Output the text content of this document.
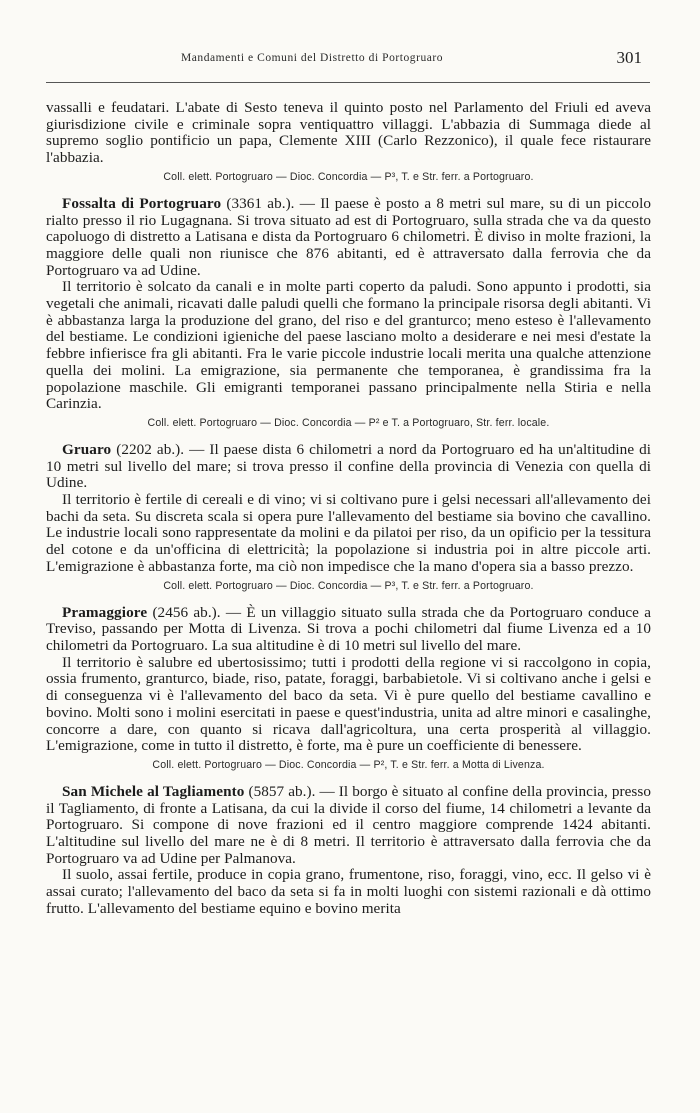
Mandamenti e Comuni del Distretto di Portogruaro	301

vassalli e feudatari. L'abate di Sesto teneva il quinto posto nel Parlamento del Friuli ed aveva giurisdizione civile e criminale sopra ventiquattro villaggi. L'abbazia di Summaga diede al supremo soglio pontificio un papa, Clemente XIII (Carlo Rezzonico), il quale fece ristaurare l'abbazia.

Coll. elett. Portogruaro — Dioc. Concordia — P³, T. e Str. ferr. a Portogruaro.

Fossalta di Portogruaro (3361 ab.). — Il paese è posto a 8 metri sul mare, su di un piccolo rialto presso il rio Lugagnana. Si trova situato ad est di Portogruaro, sulla strada che va da questo capoluogo di distretto a Latisana e dista da Portogruaro 6 chilometri. È diviso in molte frazioni, la maggiore delle quali non riunisce che 876 abitanti, ed è attraversato dalla ferrovia che da Portogruaro va ad Udine.

Il territorio è solcato da canali e in molte parti coperto da paludi. Sono appunto i prodotti, sia vegetali che animali, ricavati dalle paludi quelli che formano la principale risorsa degli abitanti. Vi è abbastanza larga la produzione del grano, del riso e del granturco; meno esteso è l'allevamento del bestiame. Le condizioni igieniche del paese lasciano molto a desiderare e nei mesi d'estate la febbre infierisce fra gli abitanti. Fra le varie piccole industrie locali merita una qualche attenzione quella dei molini. La emigrazione, sia permanente che temporanea, è grandissima fra la popolazione maschile. Gli emigranti temporanei passano principalmente nella Stiria e nella Carinzia.

Coll. elett. Portogruaro — Dioc. Concordia — P² e T. a Portogruaro, Str. ferr. locale.

Gruaro (2202 ab.). — Il paese dista 6 chilometri a nord da Portogruaro ed ha un'altitudine di 10 metri sul livello del mare; si trova presso il confine della provincia di Venezia con quella di Udine.

Il territorio è fertile di cereali e di vino; vi si coltivano pure i gelsi necessari all'allevamento dei bachi da seta. Su discreta scala si opera pure l'allevamento del bestiame sia bovino che cavallino. Le industrie locali sono rappresentate da molini e da pilatoi per riso, da un opificio per la tessitura del cotone e da un'officina di elettricità; la popolazione si industria poi in altre piccole arti. L'emigrazione è abbastanza forte, ma ciò non impedisce che la mano d'opera sia a basso prezzo.

Coll. elett. Portogruaro — Dioc. Concordia — P³, T. e Str. ferr. a Portogruaro.

Pramaggiore (2456 ab.). — È un villaggio situato sulla strada che da Portogruaro conduce a Treviso, passando per Motta di Livenza. Si trova a pochi chilometri dal fiume Livenza ed a 10 chilometri da Portogruaro. La sua altitudine è di 10 metri sul livello del mare.

Il territorio è salubre ed ubertosissimo; tutti i prodotti della regione vi si raccolgono in copia, ossia frumento, granturco, biade, riso, patate, foraggi, barbabietole. Vi si coltivano anche i gelsi e di conseguenza vi è l'allevamento del baco da seta. Vi è pure quello del bestiame cavallino e bovino. Molti sono i molini esercitati in paese e quest'industria, unita ad altre minori e casalinghe, concorre a dare, con quanto si ricava dall'agricoltura, una certa prosperità al villaggio. L'emigrazione, come in tutto il distretto, è forte, ma è pure un coefficiente di benessere.

Coll. elett. Portogruaro — Dioc. Concordia — P², T. e Str. ferr. a Motta di Livenza.

San Michele al Tagliamento (5857 ab.). — Il borgo è situato al confine della provincia, presso il Tagliamento, di fronte a Latisana, da cui la divide il corso del fiume, 14 chilometri a levante da Portogruaro. Si compone di nove frazioni ed il centro maggiore comprende 1424 abitanti. L'altitudine sul livello del mare ne è di 8 metri. Il territorio è attraversato dalla ferrovia che da Portogruaro va ad Udine per Palmanova.

Il suolo, assai fertile, produce in copia grano, frumentone, riso, foraggi, vino, ecc. Il gelso vi è assai curato; l'allevamento del baco da seta si fa in molti luoghi con sistemi razionali e dà ottimo frutto. L'allevamento del bestiame equino e bovino merita
